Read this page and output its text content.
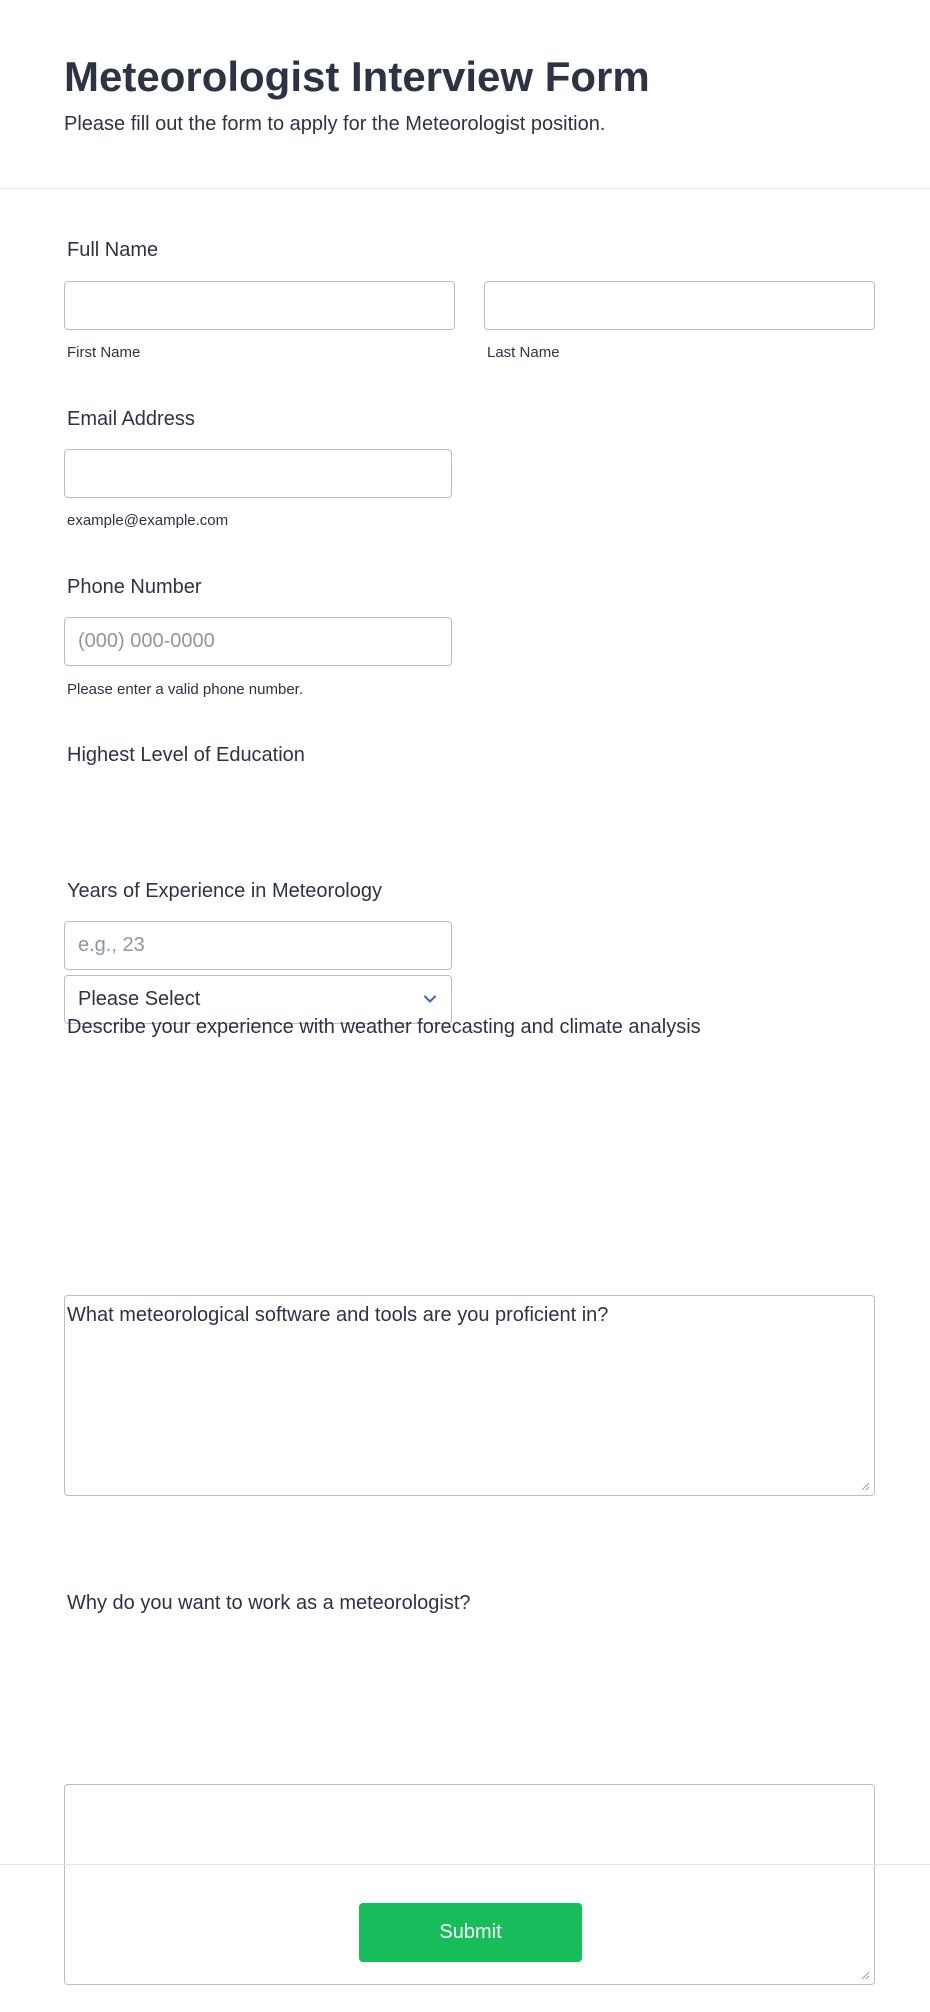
Meteorologist Interview Form

Please fill out the form to apply for the Meteorologist position.

Full Name
First Name	Last Name
Email Address
example@example.com
Phone Number
(000) 000-0000
Please enter a valid phone number.
Highest Level of Education
Please Select
Years of Experience in Meteorology
e.g., 23
Describe your experience with weather forecasting and climate analysis
What meteorological software and tools are you proficient in?
Why do you want to work as a meteorologist?
Submit
